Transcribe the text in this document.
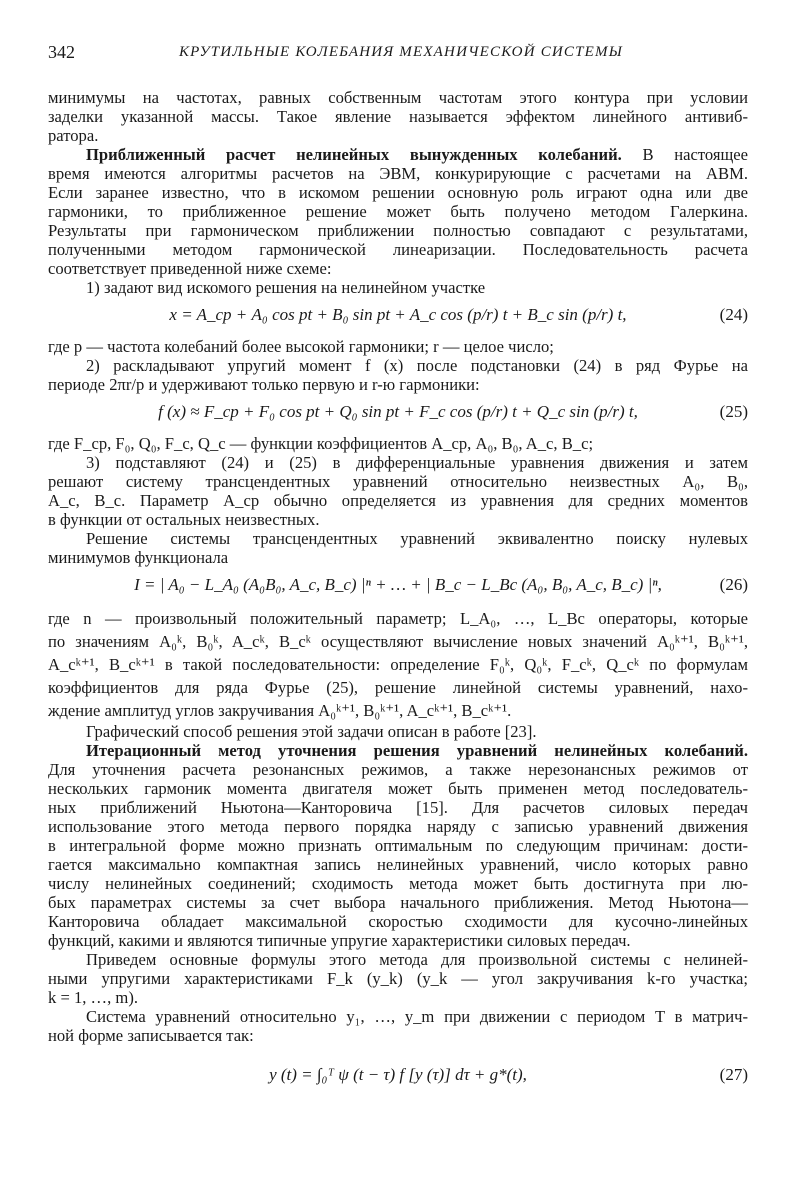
342	КРУТИЛЬНЫЕ КОЛЕБАНИЯ МЕХАНИЧЕСКОЙ СИСТЕМЫ

минимумы на частотах, равных собственным частотам этого контура при условии
заделки указанной массы. Такое явление называется эффектом линейного антивиб-
ратора.

Приближенный расчет нелинейных вынужденных колебаний. В настоящее
время имеются алгоритмы расчетов на ЭВМ, конкурирующие с расчетами на АВМ.
Если заранее известно, что в искомом решении основную роль играют одна или две
гармоники, то приближенное решение может быть получено методом Галеркина.
Результаты при гармоническом приближении полностью совпадают с результатами,
полученными методом гармонической линеаризации. Последовательность расчета
соответствует приведенной ниже схеме:

1) задают вид искомого решения на нелинейном участке

x = A_ср + A₀ cos pt + B₀ sin pt + A_c cos (p/r) t + B_c sin (p/r) t,	(24)

где p — частота колебаний более высокой гармоники; r — целое число;

2) раскладывают упругий момент f (x) после подстановки (24) в ряд Фурье на
периоде 2πr/p и удерживают только первую и r-ю гармоники:

f (x) ≈ F_ср + F₀ cos pt + Q₀ sin pt + F_c cos (p/r) t + Q_c sin (p/r) t,	(25)

где F_ср, F₀, Q₀, F_c, Q_c — функции коэффициентов A_ср, A₀, B₀, A_c, B_c;

3) подставляют (24) и (25) в дифференциальные уравнения движения и затем
решают систему трансцендентных уравнений относительно неизвестных A₀, B₀,
A_c, B_c. Параметр A_ср обычно определяется из уравнения для средних моментов
в функции от остальных неизвестных.

Решение системы трансцендентных уравнений эквивалентно поиску нулевых
минимумов функционала

I = | A₀ − L_A₀ (A₀B₀, A_c, B_c) |ⁿ + … + | B_c − L_Bc (A₀, B₀, A_c, B_c) |ⁿ,	(26)

где n — произвольный положительный параметр; L_A₀, …, L_Bc операторы, которые
по значениям A₀ᵏ, B₀ᵏ, A_cᵏ, B_cᵏ осуществляют вычисление новых значений A₀ᵏ⁺¹, B₀ᵏ⁺¹,
A_cᵏ⁺¹, B_cᵏ⁺¹ в такой последовательности: определение F₀ᵏ, Q₀ᵏ, F_cᵏ, Q_cᵏ по формулам
коэффициентов для ряда Фурье (25), решение линейной системы уравнений, нахо-
ждение амплитуд углов закручивания A₀ᵏ⁺¹, B₀ᵏ⁺¹, A_cᵏ⁺¹, B_cᵏ⁺¹.

Графический способ решения этой задачи описан в работе [23].

Итерационный метод уточнения решения уравнений нелинейных колебаний.
Для уточнения расчета резонансных режимов, а также нерезонансных режимов от
нескольких гармоник момента двигателя может быть применен метод последователь-
ных приближений Ньютона—Канторовича [15]. Для расчетов силовых передач
использование этого метода первого порядка наряду с записью уравнений движения
в интегральной форме можно признать оптимальным по следующим причинам: дости-
гается максимально компактная запись нелинейных уравнений, число которых равно
числу нелинейных соединений; сходимость метода может быть достигнута при лю-
бых параметрах системы за счет выбора начального приближения. Метод Ньютона—
Канторовича обладает максимальной скоростью сходимости для кусочно-линейных
функций, какими и являются типичные упругие характеристики силовых передач.

Приведем основные формулы этого метода для произвольной системы с нелиней-
ными упругими характеристиками F_k (y_k) (y_k — угол закручивания k-го участка;
k = 1, …, m).

Система уравнений относительно y₁, …, y_m при движении с периодом T в матрич-
ной форме записывается так:

y (t) = ∫₀ᵀ ψ (t − τ) f [y (τ)] dτ + g*(t),	(27)
